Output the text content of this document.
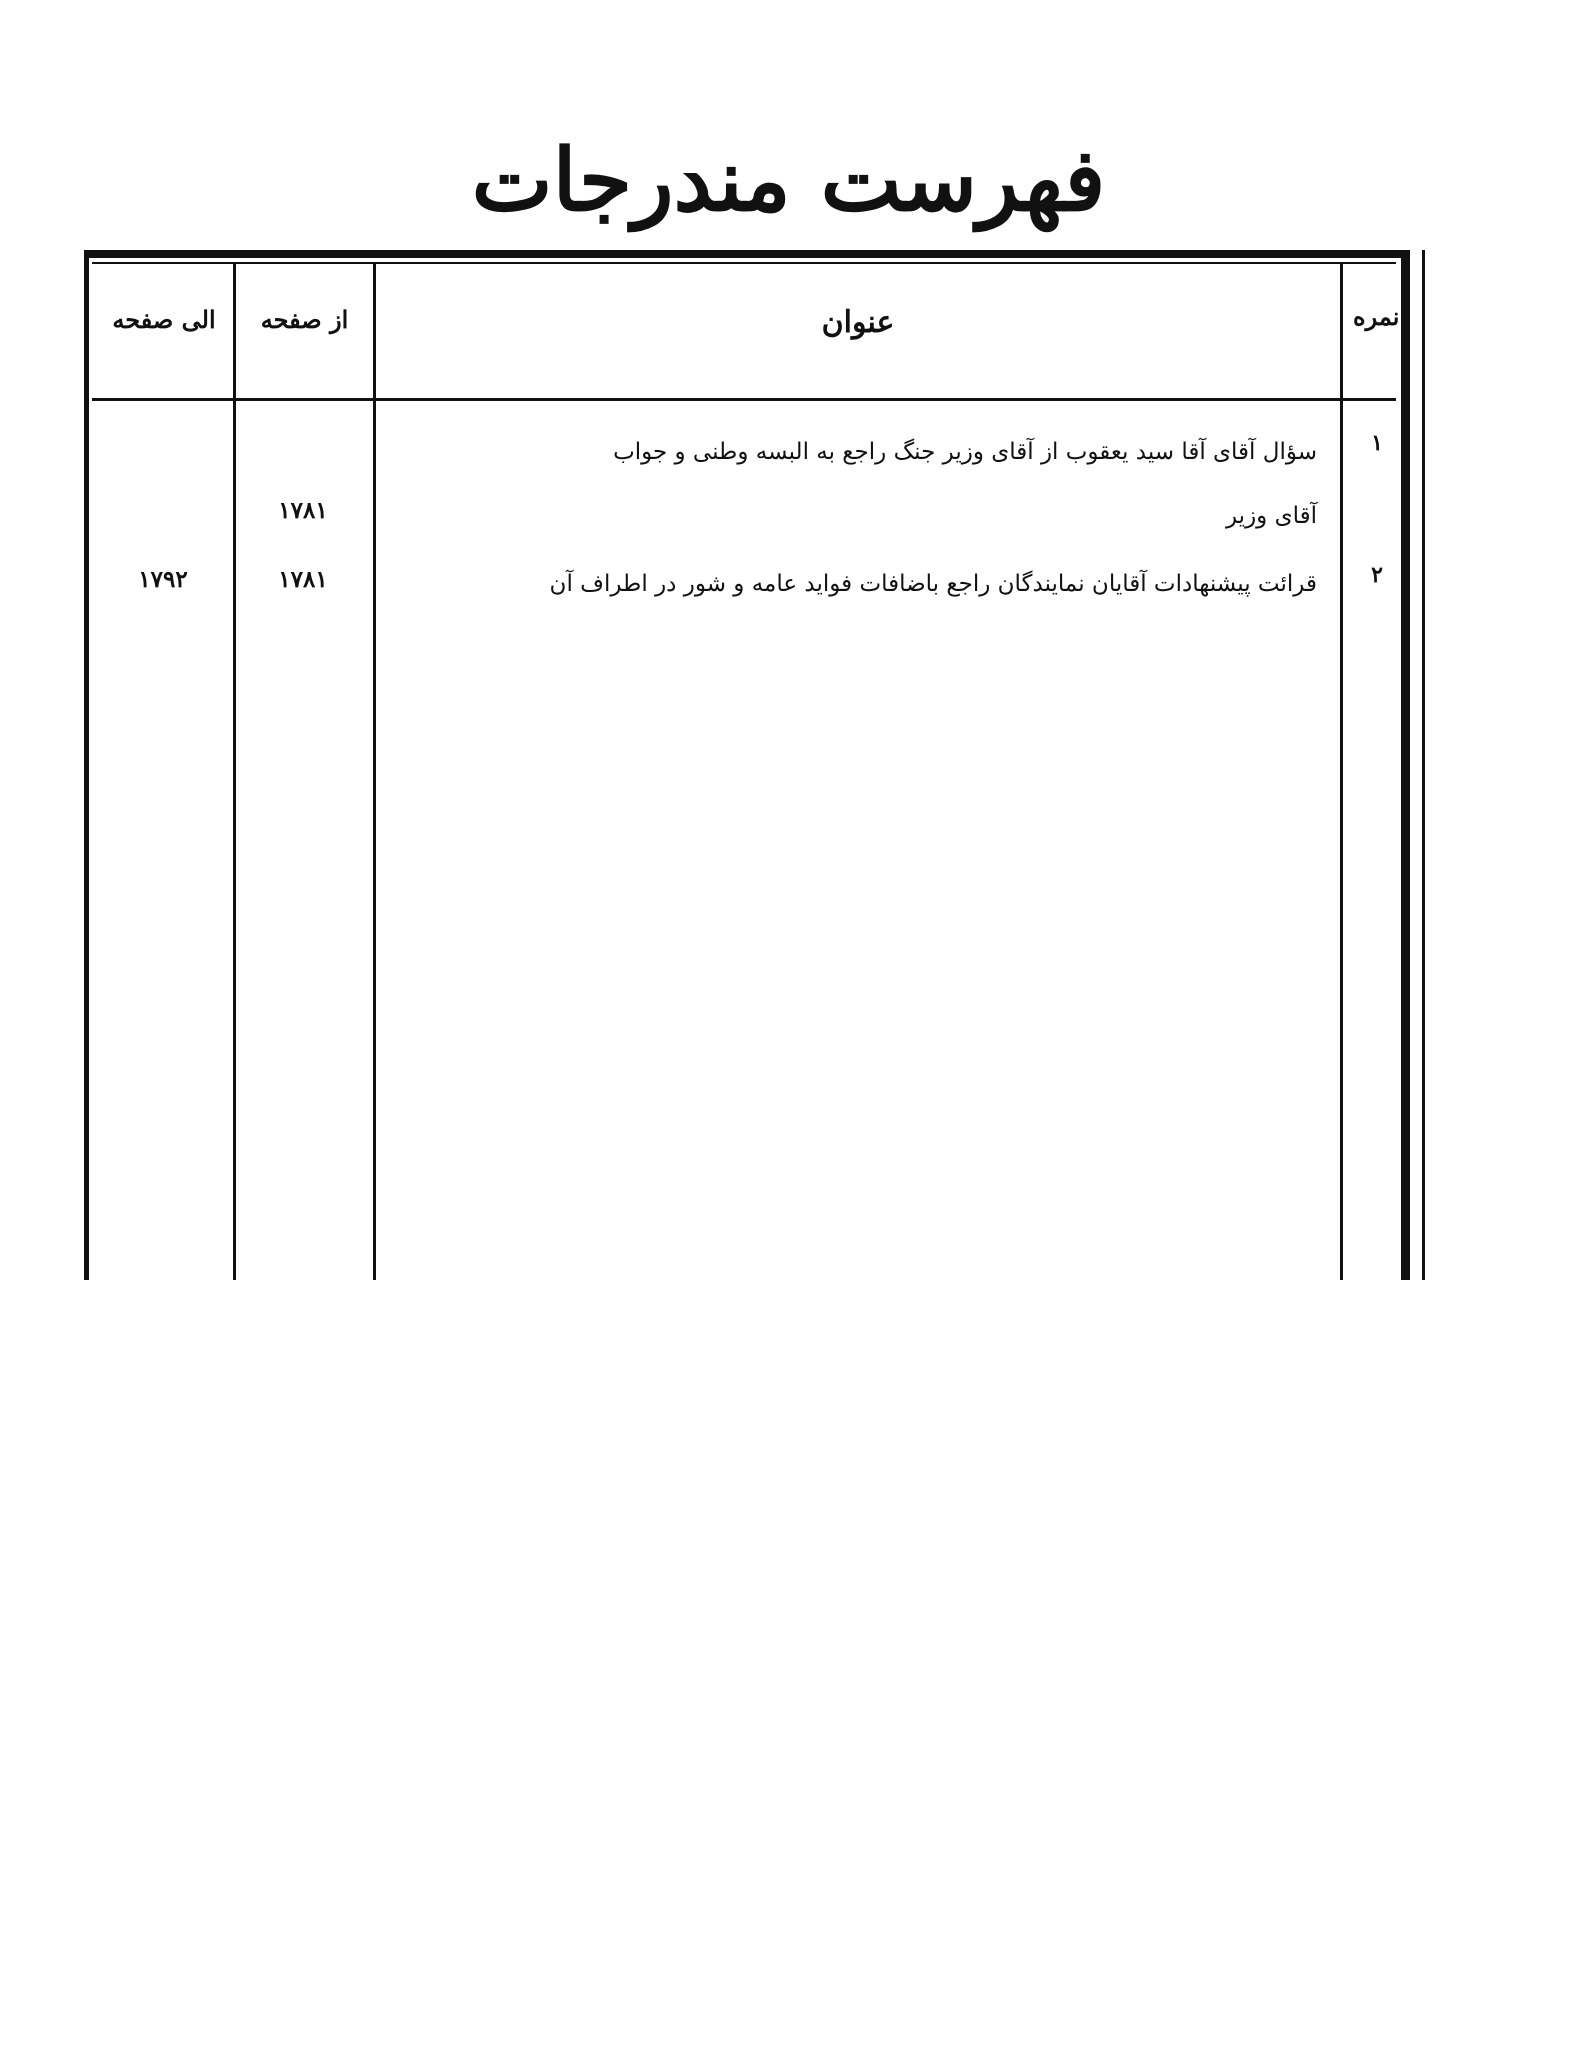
فهرست مندرجات
نمره
عنوان
از صفحه
الی صفحه
۱
سؤال آقای آقا سید یعقوب از آقای وزیر جنگ راجع به البسه وطنی و جواب
آقای وزیر
۱۷۸۱
۲
قرائت پیشنهادات آقایان نمایندگان راجع باضافات فواید عامه و شور در اطراف آن
۱۷۸۱
۱۷۹۲
